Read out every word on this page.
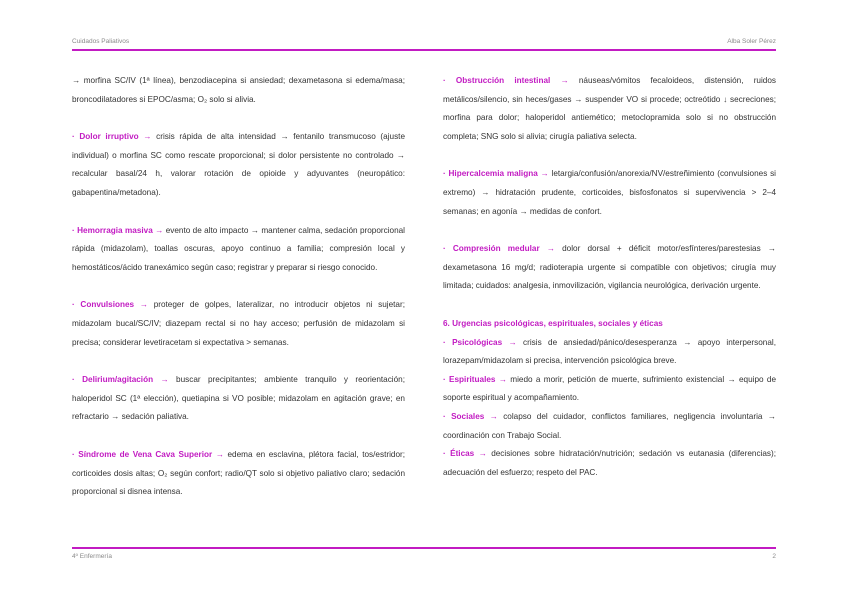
Cuidados Paliativos	Alba Soler Pérez

→ morfina SC/IV (1ª línea), benzodiacepina si ansiedad; dexametasona si edema/masa; broncodilatadores si EPOC/asma; O₂ solo si alivia.

· Dolor irruptivo → crisis rápida de alta intensidad → fentanilo transmucoso (ajuste individual) o morfina SC como rescate proporcional; si dolor persistente no controlado → recalcular basal/24 h, valorar rotación de opioide y adyuvantes (neuropático: gabapentina/metadona).

· Hemorragia masiva → evento de alto impacto → mantener calma, sedación proporcional rápida (midazolam), toallas oscuras, apoyo continuo a familia; compresión local y hemostáticos/ácido tranexámico según caso; registrar y preparar si riesgo conocido.

· Convulsiones → proteger de golpes, lateralizar, no introducir objetos ni sujetar; midazolam bucal/SC/IV; diazepam rectal si no hay acceso; perfusión de midazolam si precisa; considerar levetiracetam si expectativa > semanas.

· Delirium/agitación → buscar precipitantes; ambiente tranquilo y reorientación; haloperidol SC (1ª elección), quetiapina si VO posible; midazolam en agitación grave; en refractario → sedación paliativa.

· Síndrome de Vena Cava Superior → edema en esclavina, plétora facial, tos/estridor; corticoides dosis altas; O₂ según confort; radio/QT solo si objetivo paliativo claro; sedación proporcional si disnea intensa.

· Obstrucción intestinal → náuseas/vómitos fecaloideos, distensión, ruidos metálicos/silencio, sin heces/gases → suspender VO si procede; octreótido ↓ secreciones; morfina para dolor; haloperidol antiemético; metoclopramida solo si no obstrucción completa; SNG solo si alivia; cirugía paliativa selecta.

· Hipercalcemia maligna → letargia/confusión/anorexia/NV/estreñimiento (convulsiones si extremo) → hidratación prudente, corticoides, bisfosfonatos si supervivencia > 2–4 semanas; en agonía → medidas de confort.

· Compresión medular → dolor dorsal + déficit motor/esfínteres/parestesias → dexametasona 16 mg/d; radioterapia urgente si compatible con objetivos; cirugía muy limitada; cuidados: analgesia, inmovilización, vigilancia neurológica, derivación urgente.

6. Urgencias psicológicas, espirituales, sociales y éticas

· Psicológicas → crisis de ansiedad/pánico/desesperanza → apoyo interpersonal, lorazepam/midazolam si precisa, intervención psicológica breve.

· Espirituales → miedo a morir, petición de muerte, sufrimiento existencial → equipo de soporte espiritual y acompañamiento.

· Sociales → colapso del cuidador, conflictos familiares, negligencia involuntaria → coordinación con Trabajo Social.

· Éticas → decisiones sobre hidratación/nutrición; sedación vs eutanasia (diferencias); adecuación del esfuerzo; respeto del PAC.

4º Enfermería	2
